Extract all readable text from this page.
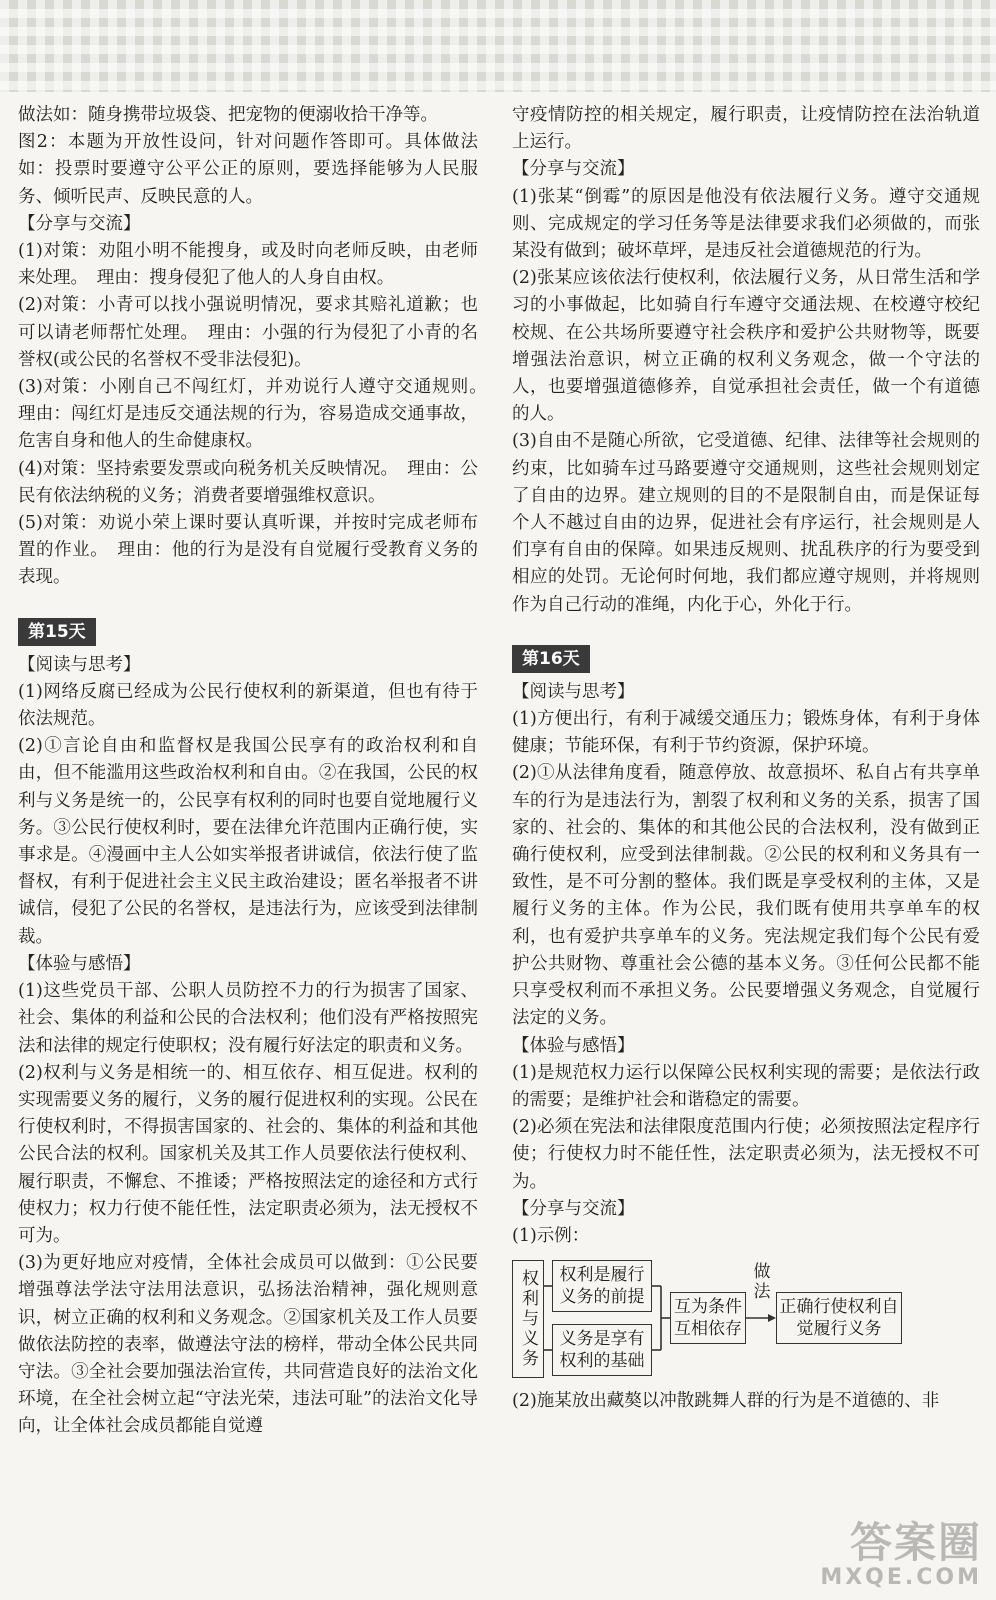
做法如：随身携带垃圾袋、把宠物的便溺收拾干净等。

图2：本题为开放性设问，针对问题作答即可。具体做法如：投票时要遵守公平公正的原则，要选择能够为人民服务、倾听民声、反映民意的人。

【分享与交流】

(1)对策：劝阻小明不能搜身，或及时向老师反映，由老师来处理。　理由：搜身侵犯了他人的人身自由权。

(2)对策：小青可以找小强说明情况，要求其赔礼道歉；也可以请老师帮忙处理。　理由：小强的行为侵犯了小青的名誉权(或公民的名誉权不受非法侵犯)。

(3)对策：小刚自己不闯红灯，并劝说行人遵守交通规则。　理由：闯红灯是违反交通法规的行为，容易造成交通事故，危害自身和他人的生命健康权。

(4)对策：坚持索要发票或向税务机关反映情况。　理由：公民有依法纳税的义务；消费者要增强维权意识。

(5)对策：劝说小荣上课时要认真听课，并按时完成老师布置的作业。　理由：他的行为是没有自觉履行受教育义务的表现。

第15天

【阅读与思考】

(1)网络反腐已经成为公民行使权利的新渠道，但也有待于依法规范。

(2)①言论自由和监督权是我国公民享有的政治权利和自由，但不能滥用这些政治权利和自由。②在我国，公民的权利与义务是统一的，公民享有权利的同时也要自觉地履行义务。③公民行使权利时，要在法律允许范围内正确行使，实事求是。④漫画中主人公如实举报者讲诚信，依法行使了监督权，有利于促进社会主义民主政治建设；匿名举报者不讲诚信，侵犯了公民的名誉权，是违法行为，应该受到法律制裁。

【体验与感悟】

(1)这些党员干部、公职人员防控不力的行为损害了国家、社会、集体的利益和公民的合法权利；他们没有严格按照宪法和法律的规定行使职权；没有履行好法定的职责和义务。

(2)权利与义务是相统一的、相互依存、相互促进。权利的实现需要义务的履行，义务的履行促进权利的实现。公民在行使权利时，不得损害国家的、社会的、集体的利益和其他公民合法的权利。国家机关及其工作人员要依法行使权利、履行职责，不懈怠、不推诿；严格按照法定的途径和方式行使权力；权力行使不能任性，法定职责必须为，法无授权不可为。

(3)为更好地应对疫情，全体社会成员可以做到：①公民要增强尊法学法守法用法意识，弘扬法治精神，强化规则意识，树立正确的权利和义务观念。②国家机关及工作人员要做依法防控的表率，做遵法守法的榜样，带动全体公民共同守法。③全社会要加强法治宣传，共同营造良好的法治文化环境，在全社会树立起“守法光荣，违法可耻”的法治文化导向，让全体社会成员都能自觉遵

守疫情防控的相关规定，履行职责，让疫情防控在法治轨道上运行。

【分享与交流】

(1)张某“倒霉”的原因是他没有依法履行义务。遵守交通规则、完成规定的学习任务等是法律要求我们必须做的，而张某没有做到；破坏草坪，是违反社会道德规范的行为。

(2)张某应该依法行使权利，依法履行义务，从日常生活和学习的小事做起，比如骑自行车遵守交通法规、在校遵守校纪校规、在公共场所要遵守社会秩序和爱护公共财物等，既要增强法治意识，树立正确的权利义务观念，做一个守法的人，也要增强道德修养，自觉承担社会责任，做一个有道德的人。

(3)自由不是随心所欲，它受道德、纪律、法律等社会规则的约束，比如骑车过马路要遵守交通规则，这些社会规则划定了自由的边界。建立规则的目的不是限制自由，而是保证每个人不越过自由的边界，促进社会有序运行，社会规则是人们享有自由的保障。如果违反规则、扰乱秩序的行为要受到相应的处罚。无论何时何地，我们都应遵守规则，并将规则作为自己行动的准绳，内化于心，外化于行。

第16天

【阅读与思考】

(1)方便出行，有利于减缓交通压力；锻炼身体，有利于身体健康；节能环保，有利于节约资源，保护环境。

(2)①从法律角度看，随意停放、故意损坏、私自占有共享单车的行为是违法行为，割裂了权利和义务的关系，损害了国家的、社会的、集体的和其他公民的合法权利，没有做到正确行使权利，应受到法律制裁。②公民的权利和义务具有一致性，是不可分割的整体。我们既是享受权利的主体，又是履行义务的主体。作为公民，我们既有使用共享单车的权利，也有爱护共享单车的义务。宪法规定我们每个公民有爱护公共财物、尊重社会公德的基本义务。③任何公民都不能只享受权利而不承担义务。公民要增强义务观念，自觉履行法定的义务。

【体验与感悟】

(1)是规范权力运行以保障公民权利实现的需要；是依法行政的需要；是维护社会和谐稳定的需要。

(2)必须在宪法和法律限度范围内行使；必须按照法定程序行使；行使权力时不能任性，法定职责必须为，法无授权不可为。

【分享与交流】

(1)示例：

权利与义务	权利是履行义务的前提
义务是享有权利的基础
互为条件互相依存
做法
正确行使权利自觉履行义务

(2)施某放出藏獒以冲散跳舞人群的行为是不道德的、非

答案圈
MXQE.COM
